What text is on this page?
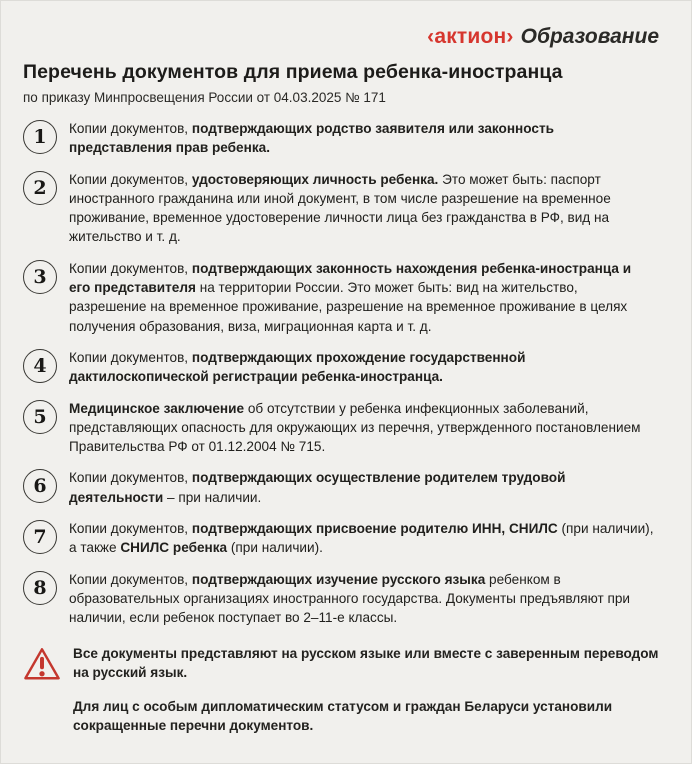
‹актион› Образование
Перечень документов для приема ребенка-иностранца
по приказу Минпросвещения России от 04.03.2025 № 171
1	Копии документов, подтверждающих родство заявителя или законность представления прав ребенка.

2	Копии документов, удостоверяющих личность ребенка. Это может быть: паспорт иностранного гражданина или иной документ, в том числе разрешение на временное проживание, временное удостоверение личности лица без гражданства в РФ, вид на жительство и т. д.

3	Копии документов, подтверждающих законность нахождения ребенка-иностранца и его представителя на территории России. Это может быть: вид на жительство, разрешение на временное проживание, разрешение на временное проживание в целях получения образования, виза, миграционная карта и т. д.

4	Копии документов, подтверждающих прохождение государственной дактилоскопической регистрации ребенка-иностранца.

5	Медицинское заключение об отсутствии у ребенка инфекционных заболеваний, представляющих опасность для окружающих из перечня, утвержденного постановлением Правительства РФ от 01.12.2004 № 715.

6	Копии документов, подтверждающих осуществление родителем трудовой деятельности – при наличии.

7	Копии документов, подтверждающих присвоение родителю ИНН, СНИЛС (при наличии), а также СНИЛС ребенка (при наличии).

8	Копии документов, подтверждающих изучение русского языка ребенком в образовательных организациях иностранного государства. Документы предъявляют при наличии, если ребенок поступает во 2–11-е классы.

Все документы представляют на русском языке или вместе с заверенным переводом на русский язык.

Для лиц с особым дипломатическим статусом и граждан Беларуси установили сокращенные перечни документов.
